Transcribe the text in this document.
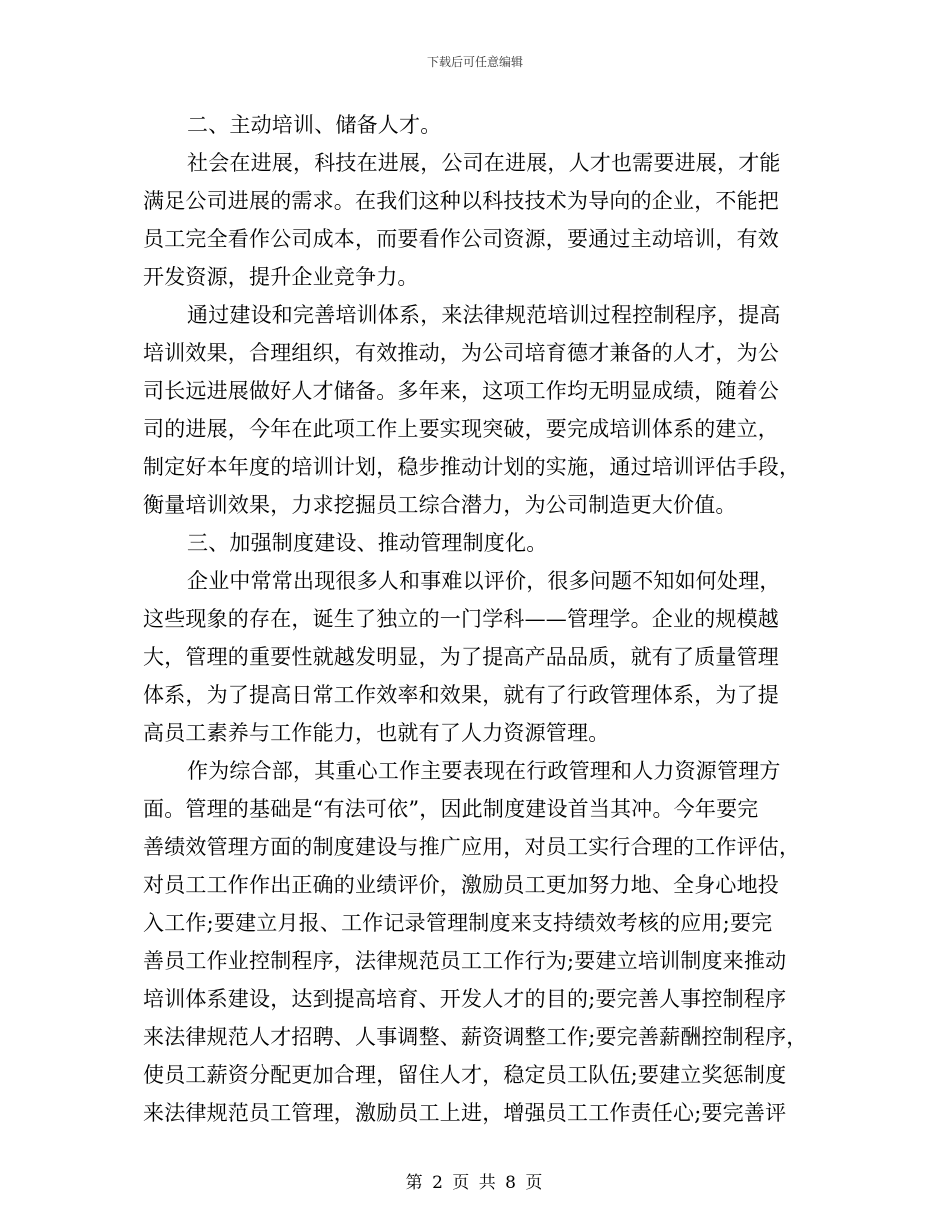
下载后可任意编辑
二、主动培训、储备人才。
社会在进展，科技在进展，公司在进展，人才也需要进展，才能
满足公司进展的需求。在我们这种以科技技术为导向的企业，不能把
员工完全看作公司成本，而要看作公司资源，要通过主动培训，有效
开发资源，提升企业竞争力。
通过建设和完善培训体系，来法律规范培训过程控制程序，提高
培训效果，合理组织，有效推动，为公司培育德才兼备的人才，为公
司长远进展做好人才储备。多年来，这项工作均无明显成绩，随着公
司的进展，今年在此项工作上要实现突破，要完成培训体系的建立，
制定好本年度的培训计划，稳步推动计划的实施，通过培训评估手段，
衡量培训效果，力求挖掘员工综合潜力，为公司制造更大价值。
三、加强制度建设、推动管理制度化。
企业中常常出现很多人和事难以评价，很多问题不知如何处理，
这些现象的存在，诞生了独立的一门学科——管理学。企业的规模越
大，管理的重要性就越发明显，为了提高产品品质，就有了质量管理
体系，为了提高日常工作效率和效果，就有了行政管理体系，为了提
高员工素养与工作能力，也就有了人力资源管理。
作为综合部，其重心工作主要表现在行政管理和人力资源管理方
面。管理的基础是“有法可依”，因此制度建设首当其冲。今年要完
善绩效管理方面的制度建设与推广应用，对员工实行合理的工作评估，
对员工工作作出正确的业绩评价，激励员工更加努力地、全身心地投
入工作;要建立月报、工作记录管理制度来支持绩效考核的应用;要完
善员工作业控制程序，法律规范员工工作行为;要建立培训制度来推动
培训体系建设，达到提高培育、开发人才的目的;要完善人事控制程序
来法律规范人才招聘、人事调整、薪资调整工作;要完善薪酬控制程序，
使员工薪资分配更加合理，留住人才，稳定员工队伍;要建立奖惩制度
来法律规范员工管理，激励员工上进，增强员工工作责任心;要完善评
第 2 页 共 8 页
